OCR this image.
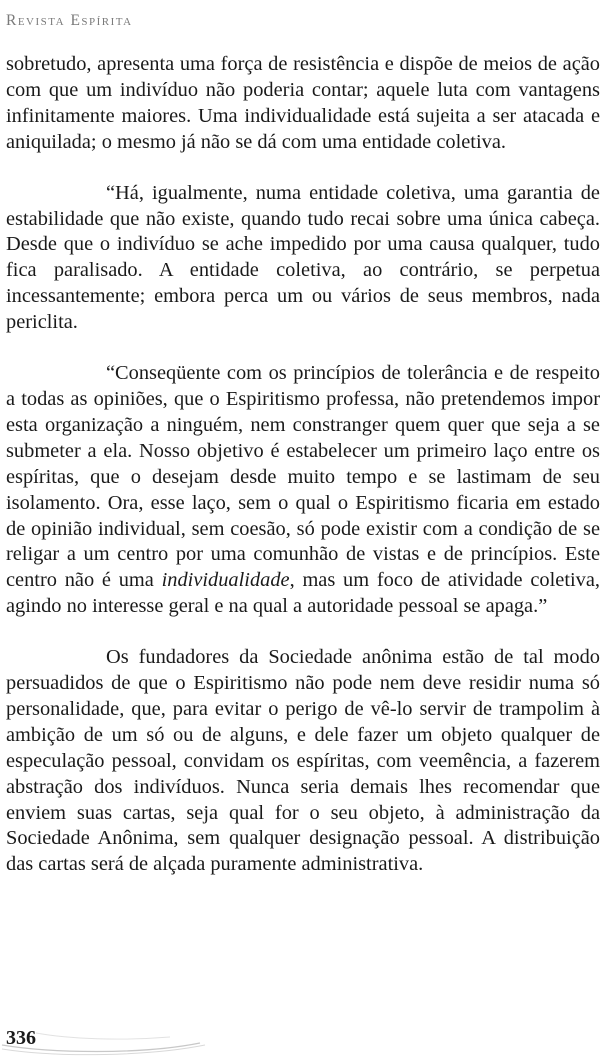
Revista Espírita

sobretudo, apresenta uma força de resistência e dispõe de meios de ação com que um indivíduo não poderia contar; aquele luta com vantagens infinitamente maiores. Uma individualidade está sujeita a ser atacada e aniquilada; o mesmo já não se dá com uma entidade coletiva.

“Há, igualmente, numa entidade coletiva, uma garantia de estabilidade que não existe, quando tudo recai sobre uma única cabeça. Desde que o indivíduo se ache impedido por uma causa qualquer, tudo fica paralisado. A entidade coletiva, ao contrário, se perpetua incessantemente; embora perca um ou vários de seus membros, nada periclita.

“Conseqüente com os princípios de tolerância e de respeito a todas as opiniões, que o Espiritismo professa, não pretendemos impor esta organização a ninguém, nem constranger quem quer que seja a se submeter a ela. Nosso objetivo é estabelecer um primeiro laço entre os espíritas, que o desejam desde muito tempo e se lastimam de seu isolamento. Ora, esse laço, sem o qual o Espiritismo ficaria em estado de opinião individual, sem coesão, só pode existir com a condição de se religar a um centro por uma comunhão de vistas e de princípios. Este centro não é uma individualidade, mas um foco de atividade coletiva, agindo no interesse geral e na qual a autoridade pessoal se apaga.”

Os fundadores da Sociedade anônima estão de tal modo persuadidos de que o Espiritismo não pode nem deve residir numa só personalidade, que, para evitar o perigo de vê-lo servir de trampolim à ambição de um só ou de alguns, e dele fazer um objeto qualquer de especulação pessoal, convidam os espíritas, com veemência, a fazerem abstração dos indivíduos. Nunca seria demais lhes recomendar que enviem suas cartas, seja qual for o seu objeto, à administração da Sociedade Anônima, sem qualquer designação pessoal. A distribuição das cartas será de alçada puramente administrativa.

336
